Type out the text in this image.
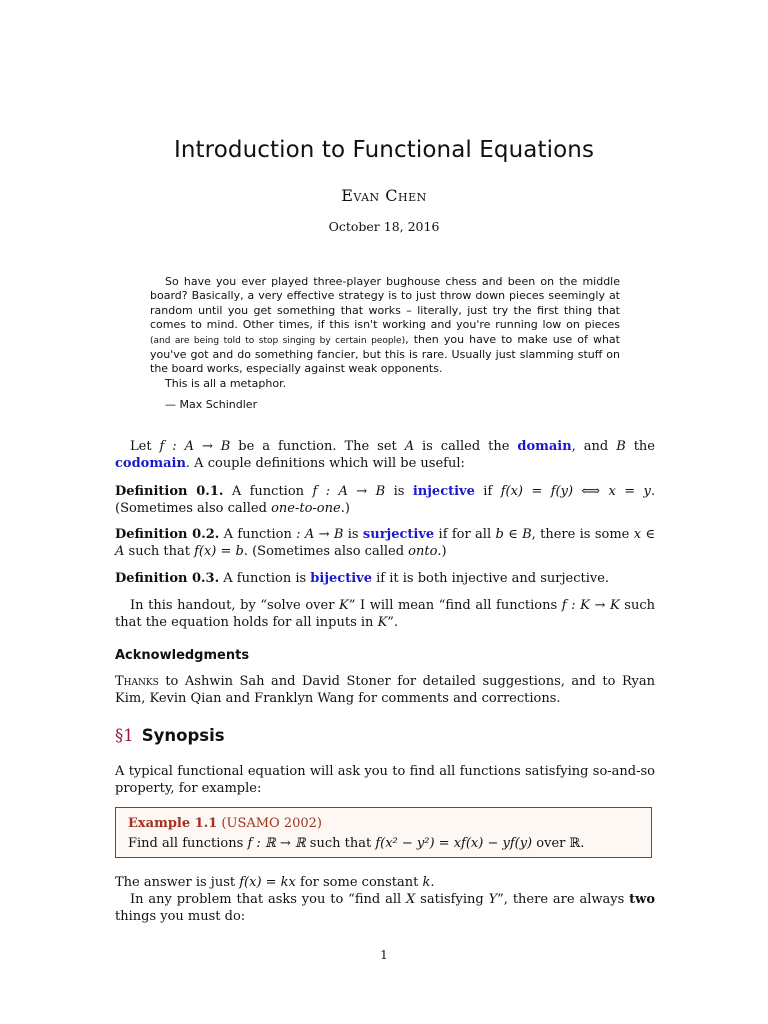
Introduction to Functional Equations
Evan Chen
October 18, 2016

So have you ever played three-player bughouse chess and been on the middle board? Basically, a very effective strategy is to just throw down pieces seemingly at random until you get something that works – literally, just try the first thing that comes to mind. Other times, if this isn't working and you're running low on pieces (and are being told to stop singing by certain people), then you have to make use of what you've got and do something fancier, but this is rare. Usually just slamming stuff on the board works, especially against weak opponents.

This is all a metaphor.

— Max Schindler

Let f : A → B be a function. The set A is called the domain, and B the codomain. A couple definitions which will be useful:

Definition 0.1. A function f : A → B is injective if f(x) = f(y) ⟺ x = y. (Sometimes also called one-to-one.)

Definition 0.2. A function : A → B is surjective if for all b ∈ B, there is some x ∈ A such that f(x) = b. (Sometimes also called onto.)

Definition 0.3. A function is bijective if it is both injective and surjective.

In this handout, by “solve over K” I will mean “find all functions f : K → K such that the equation holds for all inputs in K”.

Acknowledgments

Thanks to Ashwin Sah and David Stoner for detailed suggestions, and to Ryan Kim, Kevin Qian and Franklyn Wang for comments and corrections.

§1 Synopsis

A typical functional equation will ask you to find all functions satisfying so-and-so property, for example:

Example 1.1 (USAMO 2002)
Find all functions f : ℝ → ℝ such that f(x² − y²) = xf(x) − yf(y) over ℝ.

The answer is just f(x) = kx for some constant k.

In any problem that asks you to “find all X satisfying Y”, there are always two things you must do:

1
